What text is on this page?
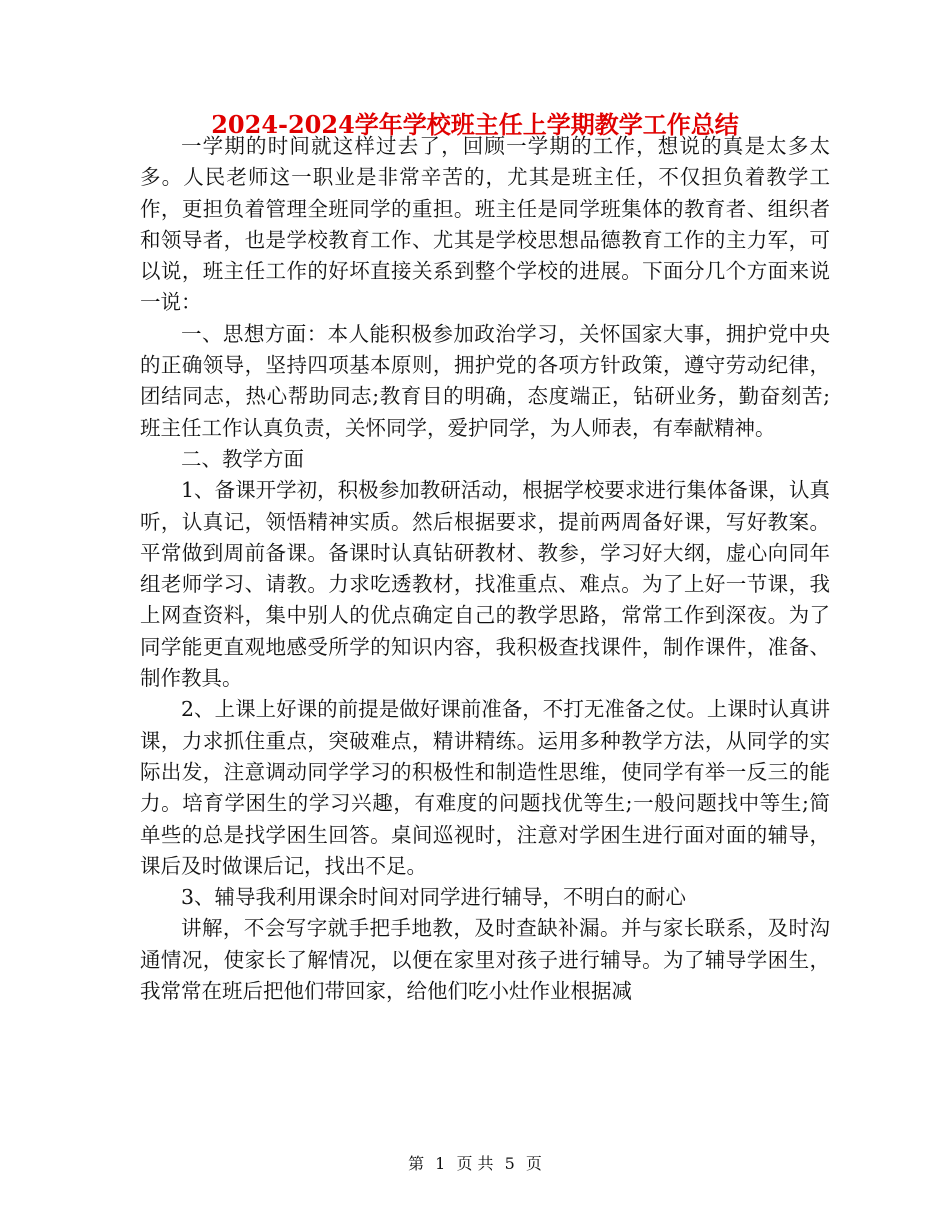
2024-2024学年学校班主任上学期教学工作总结

一学期的时间就这样过去了，回顾一学期的工作，想说的真是太多太多。人民老师这一职业是非常辛苦的，尤其是班主任，不仅担负着教学工作，更担负着管理全班同学的重担。班主任是同学班集体的教育者、组织者和领导者，也是学校教育工作、尤其是学校思想品德教育工作的主力军，可以说，班主任工作的好坏直接关系到整个学校的进展。下面分几个方面来说一说：

一、思想方面：本人能积极参加政治学习，关怀国家大事，拥护党中央的正确领导，坚持四项基本原则，拥护党的各项方针政策，遵守劳动纪律，团结同志，热心帮助同志;教育目的明确，态度端正，钻研业务，勤奋刻苦;班主任工作认真负责，关怀同学，爱护同学，为人师表，有奉献精神。

二、教学方面

1、备课开学初，积极参加教研活动，根据学校要求进行集体备课，认真听，认真记，领悟精神实质。然后根据要求，提前两周备好课，写好教案。平常做到周前备课。备课时认真钻研教材、教参，学习好大纲，虚心向同年组老师学习、请教。力求吃透教材，找准重点、难点。为了上好一节课，我上网查资料，集中别人的优点确定自己的教学思路，常常工作到深夜。为了同学能更直观地感受所学的知识内容，我积极查找课件，制作课件，准备、制作教具。

2、上课上好课的前提是做好课前准备，不打无准备之仗。上课时认真讲课，力求抓住重点，突破难点，精讲精练。运用多种教学方法，从同学的实际出发，注意调动同学学习的积极性和制造性思维，使同学有举一反三的能力。培育学困生的学习兴趣，有难度的问题找优等生;一般问题找中等生;简单些的总是找学困生回答。桌间巡视时，注意对学困生进行面对面的辅导，课后及时做课后记，找出不足。

3、辅导我利用课余时间对同学进行辅导，不明白的耐心

讲解，不会写字就手把手地教，及时查缺补漏。并与家长联系，及时沟通情况，使家长了解情况，以便在家里对孩子进行辅导。为了辅导学困生，我常常在班后把他们带回家，给他们吃小灶作业根据减

第 1 页 共 5 页
